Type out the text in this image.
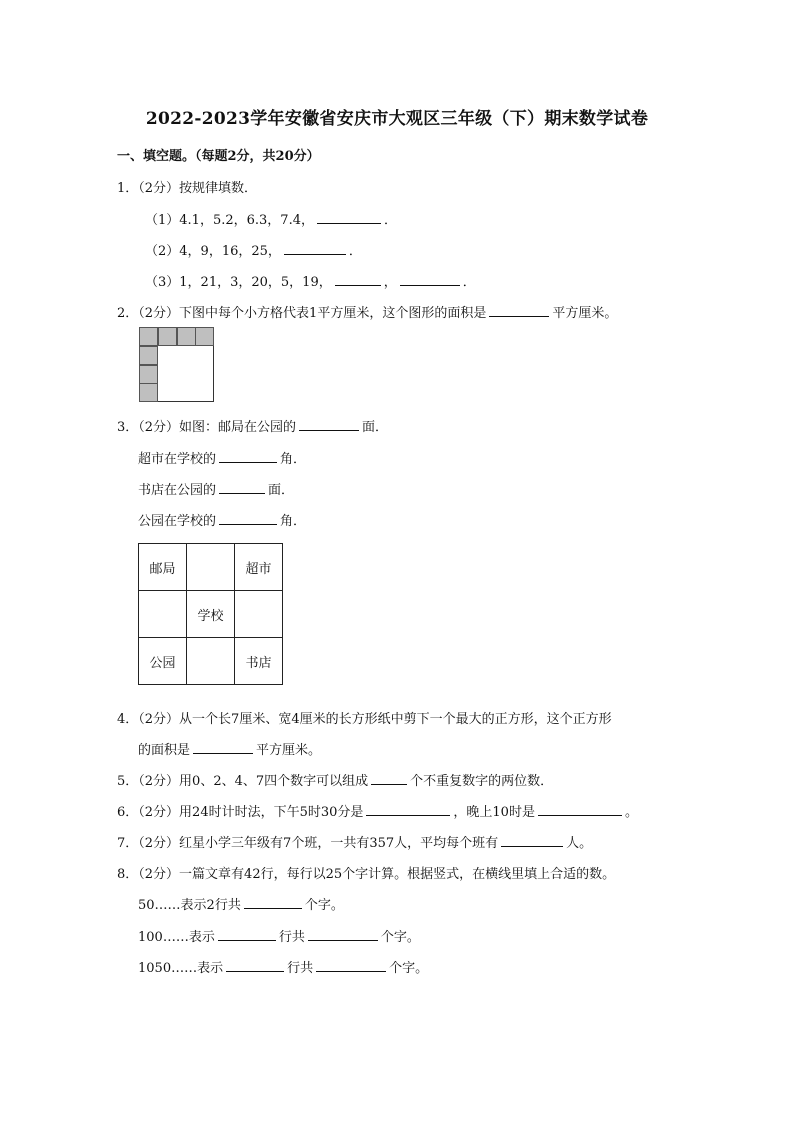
2022-2023学年安徽省安庆市大观区三年级（下）期末数学试卷
一、填空题。（每题2分，共20分）
1．（2分）按规律填数．
（1）4.1，5.2，6.3，7.4，	．
（2）4，9，16，25，	．
（3）1，21，3，20，5，19，	，	．
2．（2分）下图中每个小方格代表1平方厘米，这个图形的面积是	平方厘米。
3．（2分）如图：邮局在公园的	面．
超市在学校的	角．
书店在公园的	面．
公园在学校的	角．
邮局		超市
	学校	
公园		书店
4．（2分）从一个长7厘米、宽4厘米的长方形纸中剪下一个最大的正方形，这个正方形
的面积是	平方厘米。
5．（2分）用0、2、4、7四个数字可以组成	个不重复数字的两位数．
6．（2分）用24时计时法，下午5时30分是	，晚上10时是	。
7．（2分）红星小学三年级有7个班，一共有357人，平均每个班有	人。
8．（2分）一篇文章有42行，每行以25个字计算。根据竖式，在横线里填上合适的数。
50……表示2行共	个字。
100……表示	行共	个字。
1050……表示	行共	个字。
